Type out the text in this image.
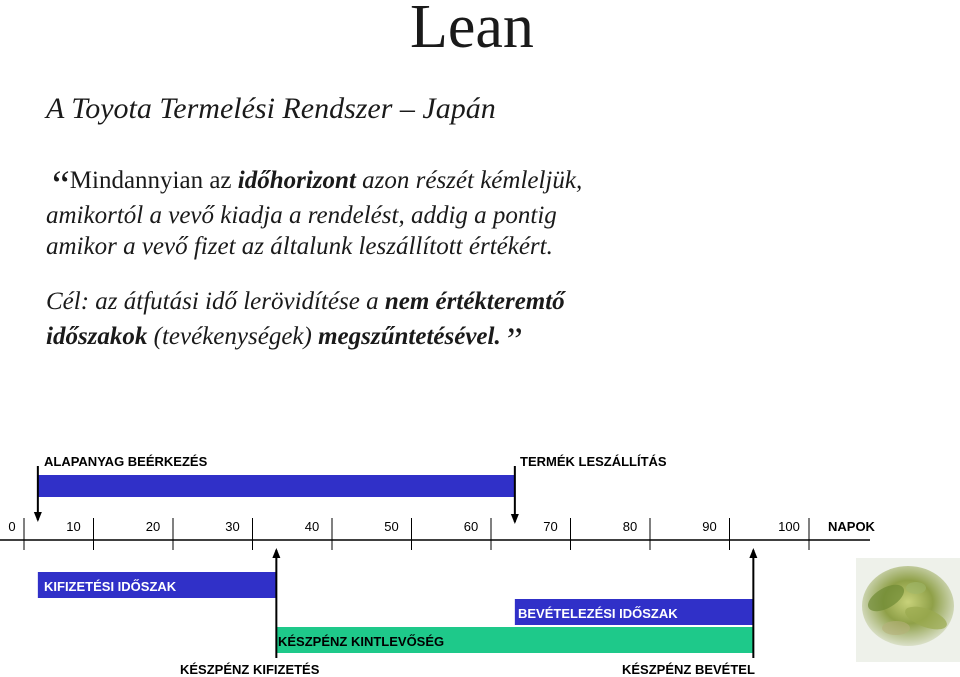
Lean

A Toyota Termelési Rendszer – Japán

“Mindannyian az időhorizont azon részét kémleljük,
amikortól a vevő kiadja a rendelést, addig a pontig
amikor a vevő fizet az általunk leszállított értékért.

Cél: az átfutási idő lerövidítése a nem értékteremtő
időszakok (tevékenységek) megszűntetésével. ”

ALAPANYAG BEÉRKEZÉS
KIFIZETÉSI IDŐSZAK
BEVÉTELEZÉSI IDŐSZAK
KÉSZPÉNZ KINTLEVŐSÉG
0	10	20	30	40	50	60	70	80	90	100 NAPOK
TERMÉK LESZÁLLÍTÁS
KÉSZPÉNZ KIFIZETÉS	KÉSZPÉNZ BEVÉTEL
